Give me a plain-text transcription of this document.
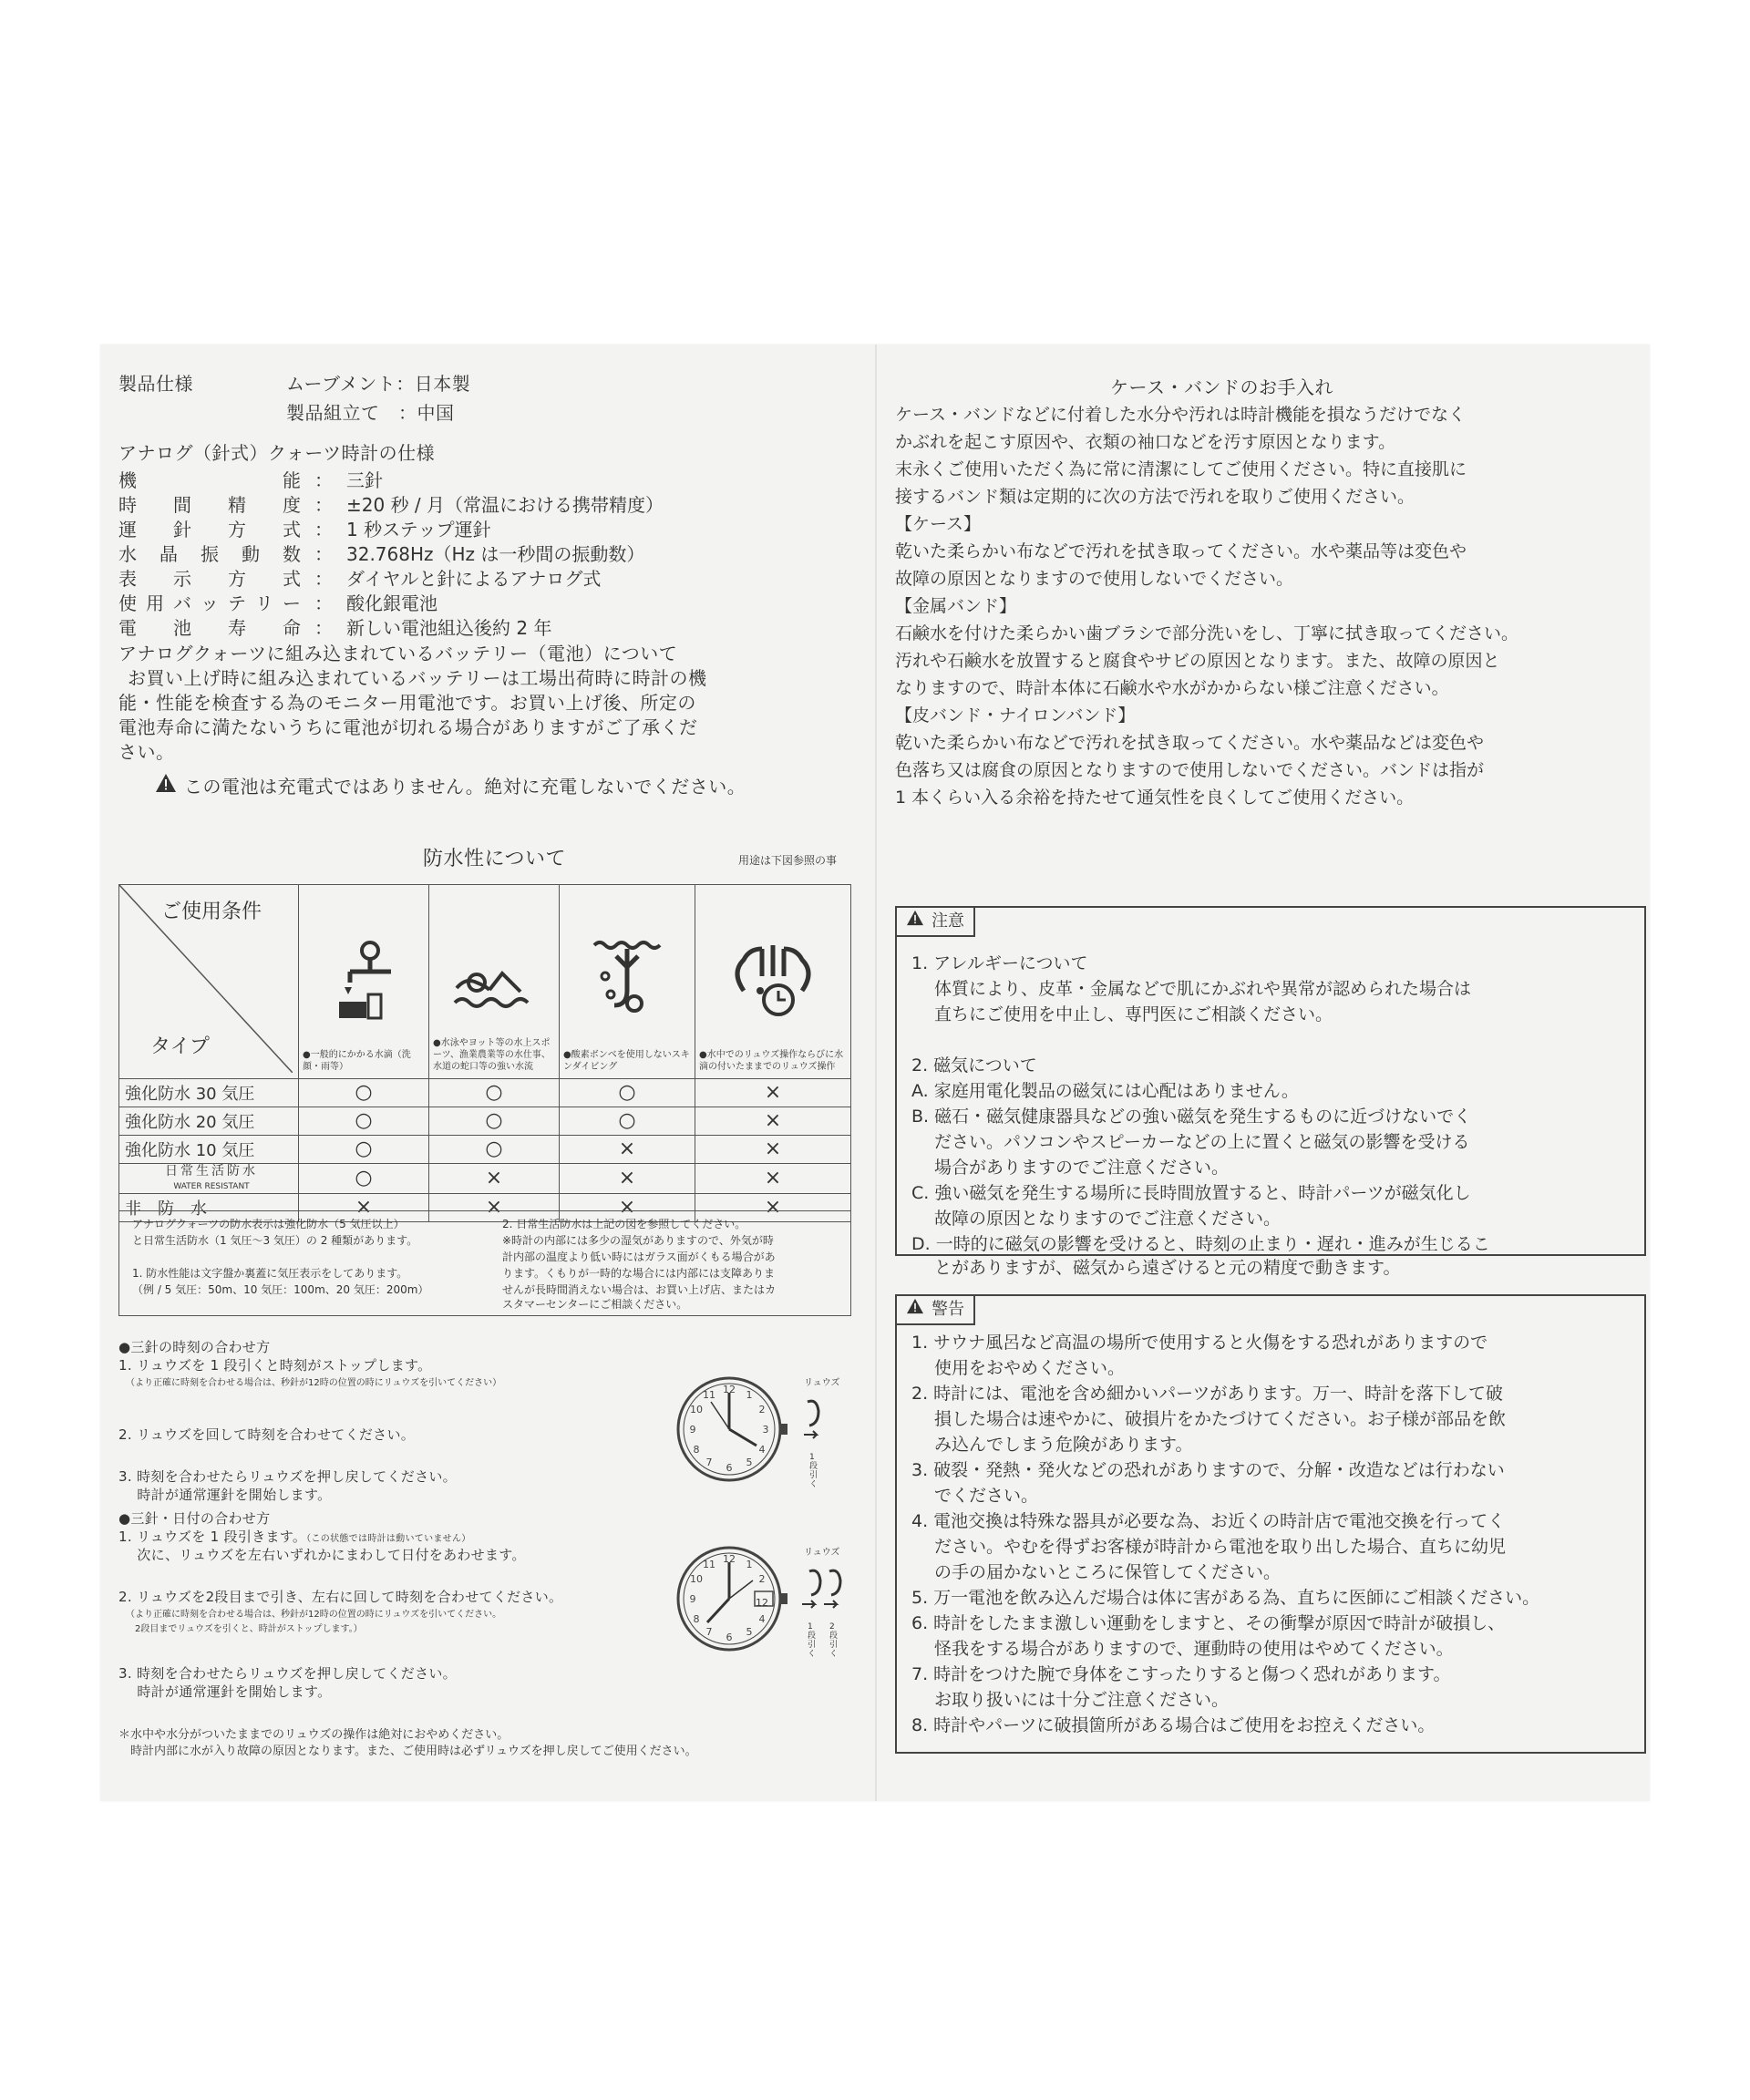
製品仕様	ムーブメント：日本製
製品組立て　：中国
アナログ（針式）クォーツ時計の仕様
機能 ： 三針
時間精度 ： ±20 秒 / 月（常温における携帯精度）
運針方式 ： 1 秒ステップ運針
水晶振動数 ： 32.768Hz（Hz は一秒間の振動数）
表示方式 ： ダイヤルと針によるアナログ式
使用バッテリー ： 酸化銀電池
電池寿命 ： 新しい電池組込後約 2 年
アナログクォーツに組み込まれているバッテリー（電池）について
お買い上げ時に組み込まれているバッテリーは工場出荷時に時計の機
能・性能を検査する為のモニター用電池です。お買い上げ後、所定の
電池寿命に満たないうちに電池が切れる場合がありますがご了承くだ
さい。
この電池は充電式ではありません。絶対に充電しないでください。
防水性について	用途は下図参照の事
ご使用条件
タイプ	●一般的にかかる水滴（洗顔・雨等）	●水泳やヨット等の水上スポーツ、漁業農業等の水仕事、水道の蛇口等の強い水流	●酸素ボンベを使用しないスキンダイビング	●水中でのリュウズ操作ならびに水滴の付いたままでのリュウズ操作

強化防水 30 気圧	○	○	○	×
強化防水 20 気圧	○	○	○	×
強化防水 10 気圧	○	○	×	×
日常生活防水
WATER RESISTANT	○	×	×	×
非　防　水	×	×	×	×
アナログクォーツの防水表示は強化防水（5 気圧以上）
と日常生活防水（1 気圧〜3 気圧）の 2 種類があります。
1. 防水性能は文字盤か裏蓋に気圧表示をしてあります。
（例 / 5 気圧：50m、10 気圧：100m、20 気圧：200m）
2. 日常生活防水は上記の図を参照してください。
※時計の内部には多少の湿気がありますので、外気が時
計内部の温度より低い時にはガラス面がくもる場合があ
ります。くもりが一時的な場合には内部には支障ありま
せんが長時間消えない場合は、お買い上げ店、またはカ
スタマーセンターにご相談ください。
●三針の時刻の合わせ方
1. リュウズを 1 段引くと時刻がストップします。
（より正確に時刻を合わせる場合は、秒針が12時の位置の時にリュウズを引いてください）
2. リュウズを回して時刻を合わせてください。
3. 時刻を合わせたらリュウズを押し戻してください。
　 時計が通常運針を開始します。
12
3
6
9
1
2
4
5
7
8
10
11
リュウズ
1段引く
●三針・日付の合わせ方
1. リュウズを 1 段引きます。（この状態では時計は動いていません）
　 次に、リュウズを左右いずれかにまわして日付をあわせます。
2. リュウズを2段目まで引き、左右に回して時刻を合わせてください。
（より正確に時刻を合わせる場合は、秒針が12時の位置の時にリュウズを引いてください。
　2段目までリュウズを引くと、時計がストップします。）
3. 時刻を合わせたらリュウズを押し戻してください。
　 時計が通常運針を開始します。
12
6
9
1
2
4
5
7
8
10
11
12
リュウズ
1段引く
2段引く
＊水中や水分がついたままでのリュウズの操作は絶対におやめください。
　時計内部に水が入り故障の原因となります。また、ご使用時は必ずリュウズを押し戻してご使用ください。
ケース・バンドのお手入れ
ケース・バンドなどに付着した水分や汚れは時計機能を損なうだけでなく
かぶれを起こす原因や、衣類の袖口などを汚す原因となります。
末永くご使用いただく為に常に清潔にしてご使用ください。特に直接肌に
接するバンド類は定期的に次の方法で汚れを取りご使用ください。
【ケース】
乾いた柔らかい布などで汚れを拭き取ってください。水や薬品等は変色や
故障の原因となりますので使用しないでください。
【金属バンド】
石鹸水を付けた柔らかい歯ブラシで部分洗いをし、丁寧に拭き取ってください。
汚れや石鹸水を放置すると腐食やサビの原因となります。また、故障の原因と
なりますので、時計本体に石鹸水や水がかからない様ご注意ください。
【皮バンド・ナイロンバンド】
乾いた柔らかい布などで汚れを拭き取ってください。水や薬品などは変色や
色落ち又は腐食の原因となりますので使用しないでください。バンドは指が
1 本くらい入る余裕を持たせて通気性を良くしてご使用ください。
注意
1. アレルギーについて
　 体質により、皮革・金属などで肌にかぶれや異常が認められた場合は
　 直ちにご使用を中止し、専門医にご相談ください。
2. 磁気について
A. 家庭用電化製品の磁気には心配はありません。
B. 磁石・磁気健康器具などの強い磁気を発生するものに近づけないでく
　 ださい。パソコンやスピーカーなどの上に置くと磁気の影響を受ける
　 場合がありますのでご注意ください。
C. 強い磁気を発生する場所に長時間放置すると、時計パーツが磁気化し
　 故障の原因となりますのでご注意ください。
D. 一時的に磁気の影響を受けると、時刻の止まり・遅れ・進みが生じるこ
　 とがありますが、磁気から遠ざけると元の精度で動きます。
警告
1. サウナ風呂など高温の場所で使用すると火傷をする恐れがありますので
　 使用をおやめください。
2. 時計には、電池を含め細かいパーツがあります。万一、時計を落下して破
　 損した場合は速やかに、破損片をかたづけてください。お子様が部品を飲
　 み込んでしまう危険があります。
3. 破裂・発熱・発火などの恐れがありますので、分解・改造などは行わない
　 でください。
4. 電池交換は特殊な器具が必要な為、お近くの時計店で電池交換を行ってく
　 ださい。やむを得ずお客様が時計から電池を取り出した場合、直ちに幼児
　 の手の届かないところに保管してください。
5. 万一電池を飲み込んだ場合は体に害がある為、直ちに医師にご相談ください。
6. 時計をしたまま激しい運動をしますと、その衝撃が原因で時計が破損し、
　 怪我をする場合がありますので、運動時の使用はやめてください。
7. 時計をつけた腕で身体をこすったりすると傷つく恐れがあります。
　 お取り扱いには十分ご注意ください。
8. 時計やパーツに破損箇所がある場合はご使用をお控えください。
